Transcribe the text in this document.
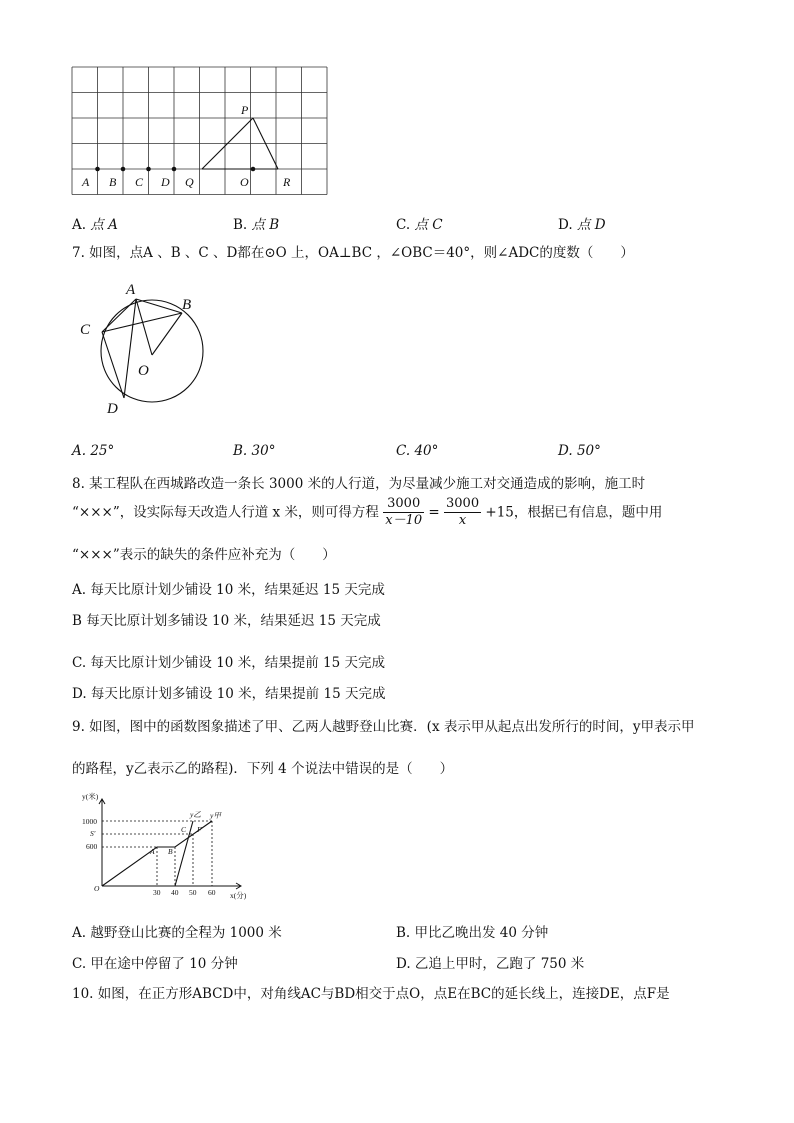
A B C D Q	O	R
P
A. 点 A	B. 点 B	C. 点 C	D. 点 D
7. 如图，点A 、B 、C 、D都在⊙O 上，OA⊥BC ，∠OBC＝40°，则∠ADC的度数（　　）
A
B
C
O
D
A. 25°	B. 30°	C. 40°	D. 50°
8. 某工程队在西城路改造一条长 3000 米的人行道，为尽量减少施工对交通造成的影响，施工时
“×××”，设实际每天改造人行道 x 米，则可得方程 $\frac{3000}{x-10} = \frac{3000}{x} +15$，根据已有信息，题中用
“×××”表示的缺失的条件应补充为（　　）
A. 每天比原计划少铺设 10 米，结果延迟 15 天完成
B 每天比原计划多铺设 10 米，结果延迟 15 天完成
C. 每天比原计划少铺设 10 米，结果提前 15 天完成
D. 每天比原计划多铺设 10 米，结果提前 15 天完成
9. 如图，图中的函数图象描述了甲、乙两人越野登山比赛．(x 表示甲从起点出发所行的时间，y甲表示甲
的路程，y乙表示乙的路程)．下列 4 个说法中错误的是（　　）
y(米)
x(分)
1000
S'
600
30 40 50 60
O
A B
C F
y乙 y甲
A. 越野登山比赛的全程为 1000 米	B. 甲比乙晚出发 40 分钟
C. 甲在途中停留了 10 分钟	D. 乙追上甲时，乙跑了 750 米
10. 如图，在正方形ABCD中，对角线AC与BD相交于点O，点E在BC的延长线上，连接DE，点F是
